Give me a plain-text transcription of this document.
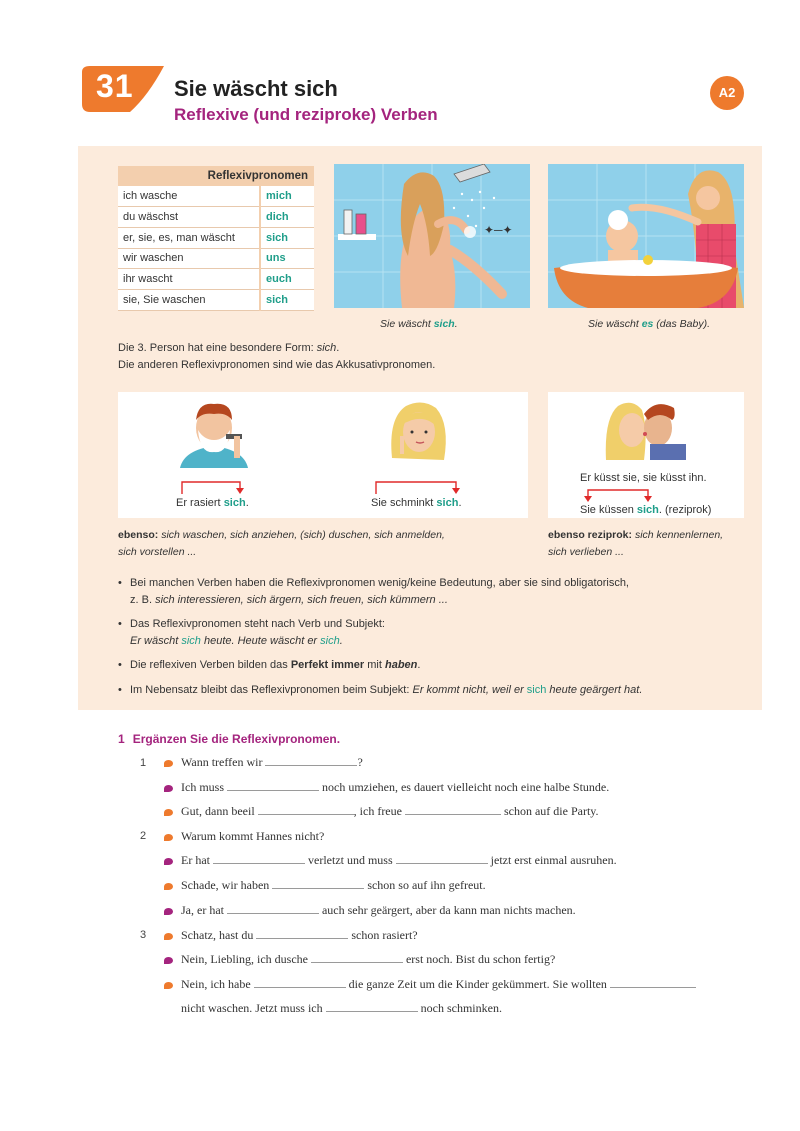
31 Sie wäscht sich
Reflexive (und reziproke) Verben
A2
Reflexivpronomen	
ich wasche	mich
du wäschst	dich
er, sie, es, man wäscht	sich
wir waschen	uns
ihr wascht	euch
sie, Sie waschen	sich
✦─✦
Sie wäscht sich.	Sie wäscht es (das Baby).
Die 3. Person hat eine besondere Form: sich.
Die anderen Reflexivpronomen sind wie das Akkusativpronomen.
Er rasiert sich.	Sie schminkt sich.
Er küsst sie, sie küsst ihn.
Sie küssen sich. (reziprok)
ebenso: sich waschen, sich anziehen, (sich) duschen, sich anmelden,
sich vorstellen ...
ebenso reziprok: sich kennenlernen,
sich verlieben ...
• Bei manchen Verben haben die Reflexivpronomen wenig/keine Bedeutung, aber sie sind obligatorisch,
z. B. sich interessieren, sich ärgern, sich freuen, sich kümmern ...
• Das Reflexivpronomen steht nach Verb und Subjekt:
Er wäscht sich heute. Heute wäscht er sich.
• Die reflexiven Verben bilden das Perfekt immer mit haben.
• Im Nebensatz bleibt das Reflexivpronomen beim Subjekt: Er kommt nicht, weil er sich heute geärgert hat.
1 Ergänzen Sie die Reflexivpronomen.
1
2
3
Wann treffen wir	?
Ich muss	noch umziehen, es dauert vielleicht noch eine halbe Stunde.
Gut, dann beeil	, ich freue	schon auf die Party.
Warum kommt Hannes nicht?
Er hat	verletzt und muss	jetzt erst einmal ausruhen.
Schade, wir haben	schon so auf ihn gefreut.
Ja, er hat	auch sehr geärgert, aber da kann man nichts machen.
Schatz, hast du	schon rasiert?
Nein, Liebling, ich dusche	erst noch. Bist du schon fertig?
Nein, ich habe	die ganze Zeit um die Kinder gekümmert. Sie wollten
nicht waschen. Jetzt muss ich	noch schminken.
